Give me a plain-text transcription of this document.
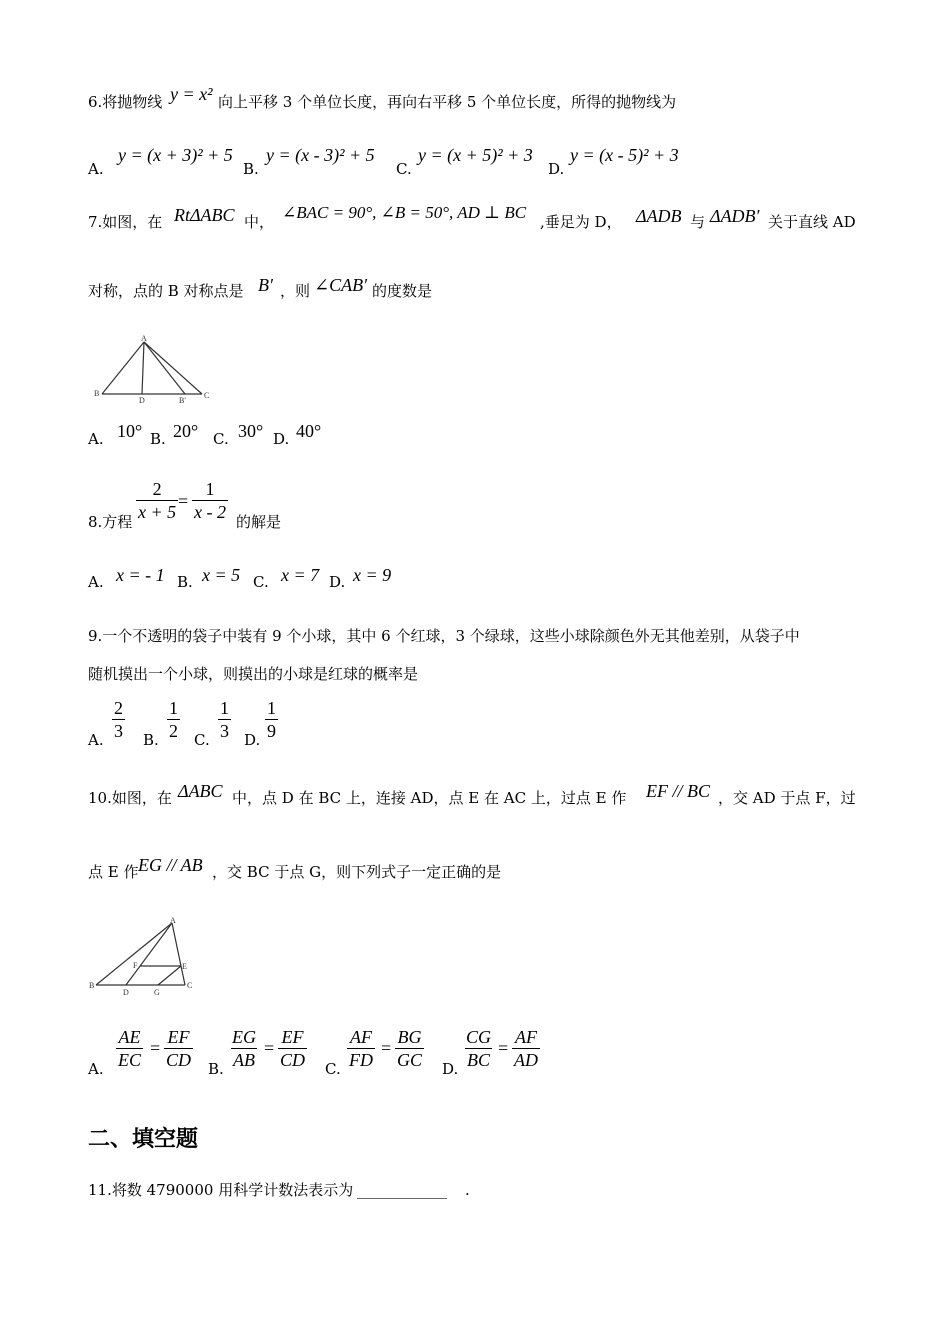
6.将抛物线 y = x² 向上平移 3 个单位长度，再向右平移 5 个单位长度，所得的抛物线为
A.
y = (x + 3)² + 5
B.
y = (x - 3)² + 5
C.
y = (x + 5)² + 3
D.
y = (x - 5)² + 3
7.如图，在 RtΔABC 中， ∠BAC = 90°, ∠B = 50°, AD ⊥ BC ,垂足为 D， ΔADB 与 ΔADB′ 关于直线 AD
对称，点的 B 对称点是 B′ ，则 ∠CAB′ 的度数是
A
B
D	B'
C
A. 10° B. 20° C. 30° D. 40°
8.方程 $\frac{2}{x + 5} = \frac{1}{x - 2}$ 的解是
A. x = - 1 B. x = 5 C. x = 7 D. x = 9
9.一个不透明的袋子中装有 9 个小球，其中 6 个红球，3 个绿球，这些小球除颜色外无其他差别，从袋子中
随机摸出一个小球，则摸出的小球是红球的概率是
A. $\frac{2}{3} B$. $\frac{1}{2} C$. $\frac{1}{3} D$. $\frac{1}{9}$
10.如图，在 ΔABC 中，点 D 在 BC 上，连接 AD，点 E 在 AC 上，过点 E 作 EF // BC ，交 AD 于点 F，过
点 E 作 EG // AB ，交 BC 于点 G，则下列式子一定正确的是
A
F	E
B
D	G
C
A. $\frac{AE}{EC} = \frac{EF}{CD} B$. $\frac{EG}{AB} = \frac{EF}{CD} C$. $\frac{AF}{FD} = \frac{BG}{GC} D$. $\frac{CG}{BC} = \frac{AF}{AD}$
二、填空题
11.将数 4790000 用科学计数法表示为 ____________ .
